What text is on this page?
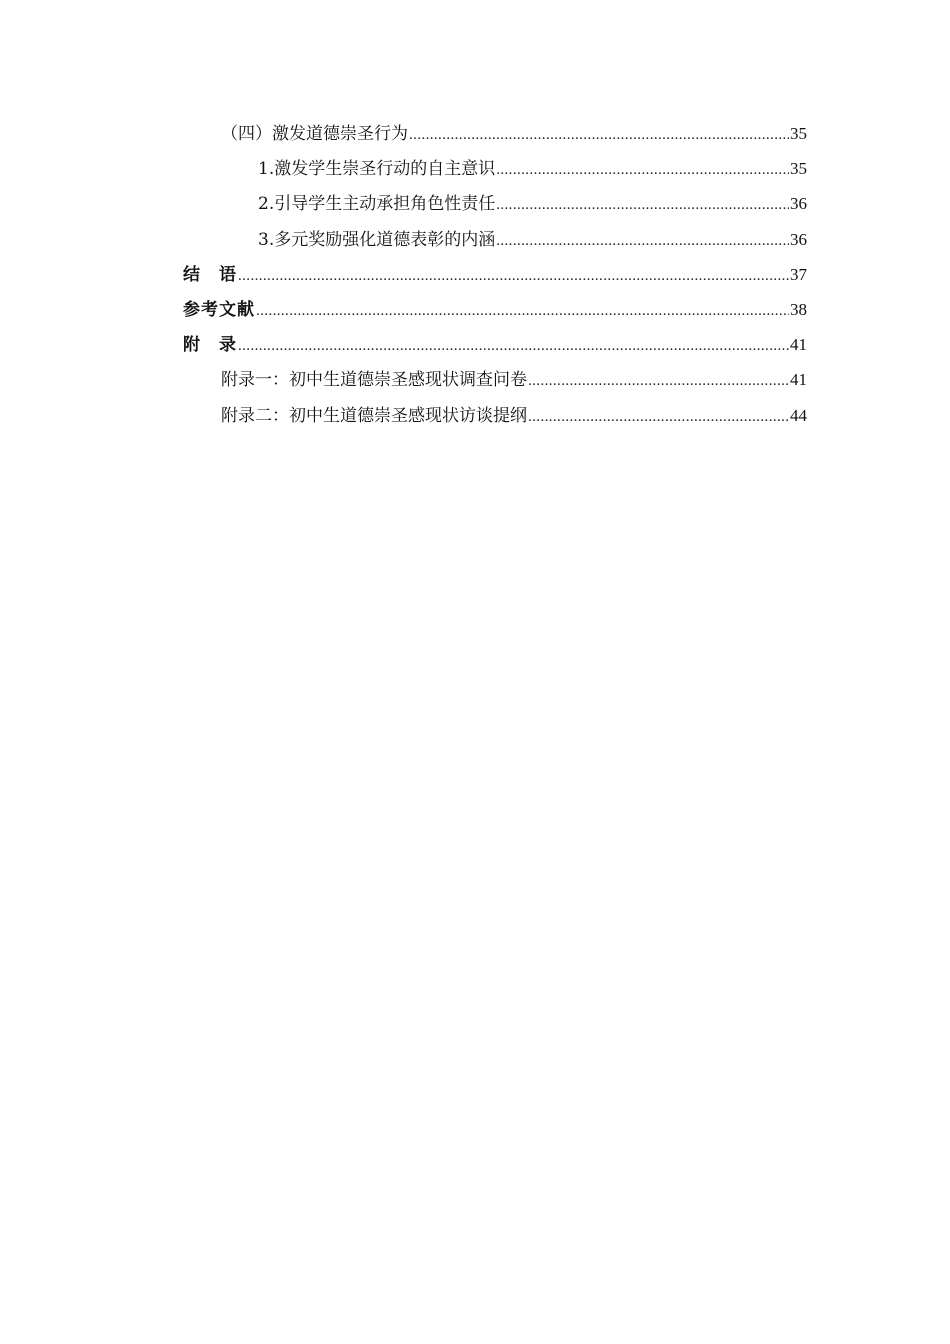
（四）激发道德崇圣行为 .....	35
1.激发学生崇圣行动的自主意识 .....	35
2.引导学生主动承担角色性责任 .....	36
3.多元奖励强化道德表彰的内涵 .....	36
结　语 .....	37
参考文献 .....	38
附　录 .....	41
附录一：初中生道德崇圣感现状调查问卷 .....	41
附录二：初中生道德崇圣感现状访谈提纲 .....	44
